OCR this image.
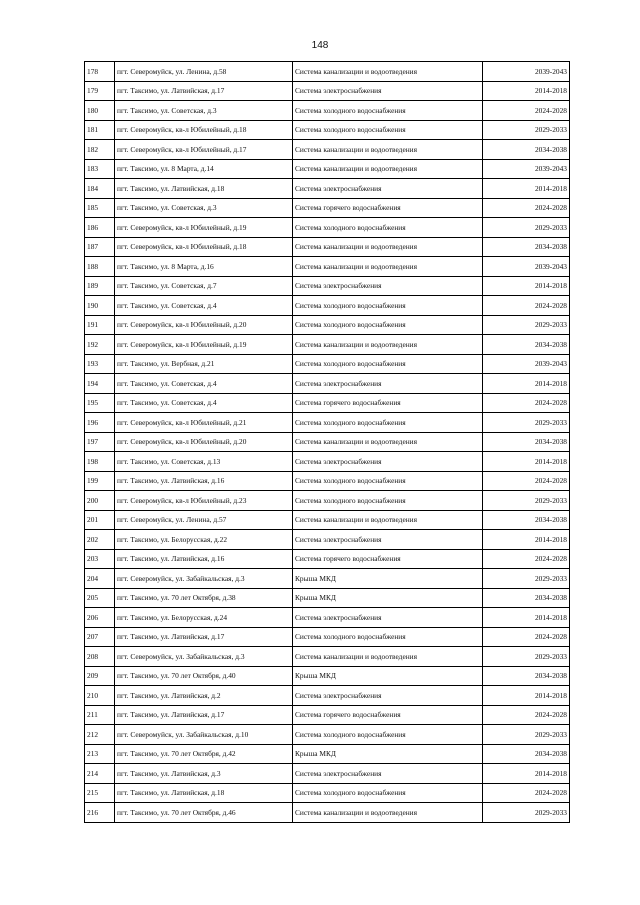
148
178	пгт. Северомуйск, ул. Ленина, д.58	Система канализации и водоотведения	2039-2043
179	пгт. Таксимо, ул. Латвийская, д.17	Система электроснабжения	2014-2018
180	пгт. Таксимо, ул. Советская, д.3	Система холодного водоснабжения	2024-2028
181	пгт. Северомуйск, кв-л Юбилейный, д.18	Система холодного водоснабжения	2029-2033
182	пгт. Северомуйск, кв-л Юбилейный, д.17	Система канализации и водоотведения	2034-2038
183	пгт. Таксимо, ул. 8 Марта, д.14	Система канализации и водоотведения	2039-2043
184	пгт. Таксимо, ул. Латвийская, д.18	Система электроснабжения	2014-2018
185	пгт. Таксимо, ул. Советская, д.3	Система горячего водоснабжения	2024-2028
186	пгт. Северомуйск, кв-л Юбилейный, д.19	Система холодного водоснабжения	2029-2033
187	пгт. Северомуйск, кв-л Юбилейный, д.18	Система канализации и водоотведения	2034-2038
188	пгт. Таксимо, ул. 8 Марта, д.16	Система канализации и водоотведения	2039-2043
189	пгт. Таксимо, ул. Советская, д.7	Система электроснабжения	2014-2018
190	пгт. Таксимо, ул. Советская, д.4	Система холодного водоснабжения	2024-2028
191	пгт. Северомуйск, кв-л Юбилейный, д.20	Система холодного водоснабжения	2029-2033
192	пгт. Северомуйск, кв-л Юбилейный, д.19	Система канализации и водоотведения	2034-2038
193	пгт. Таксимо, ул. Вербная, д.21	Система холодного водоснабжения	2039-2043
194	пгт. Таксимо, ул. Советская, д.4	Система электроснабжения	2014-2018
195	пгт. Таксимо, ул. Советская, д.4	Система горячего водоснабжения	2024-2028
196	пгт. Северомуйск, кв-л Юбилейный, д.21	Система холодного водоснабжения	2029-2033
197	пгт. Северомуйск, кв-л Юбилейный, д.20	Система канализации и водоотведения	2034-2038
198	пгт. Таксимо, ул. Советская, д.13	Система электроснабжения	2014-2018
199	пгт. Таксимо, ул. Латвийская, д.16	Система холодного водоснабжения	2024-2028
200	пгт. Северомуйск, кв-л Юбилейный, д.23	Система холодного водоснабжения	2029-2033
201	пгт. Северомуйск, ул. Ленина, д.57	Система канализации и водоотведения	2034-2038
202	пгт. Таксимо, ул. Белорусская, д.22	Система электроснабжения	2014-2018
203	пгт. Таксимо, ул. Латвийская, д.16	Система горячего водоснабжения	2024-2028
204	пгт. Северомуйск, ул. Забайкальская, д.3	Крыша МКД	2029-2033
205	пгт. Таксимо, ул. 70 лет Октября, д.38	Крыша МКД	2034-2038
206	пгт. Таксимо, ул. Белорусская, д.24	Система электроснабжения	2014-2018
207	пгт. Таксимо, ул. Латвийская, д.17	Система холодного водоснабжения	2024-2028
208	пгт. Северомуйск, ул. Забайкальская, д.3	Система канализации и водоотведения	2029-2033
209	пгт. Таксимо, ул. 70 лет Октября, д.40	Крыша МКД	2034-2038
210	пгт. Таксимо, ул. Латвийская, д.2	Система электроснабжения	2014-2018
211	пгт. Таксимо, ул. Латвийская, д.17	Система горячего водоснабжения	2024-2028
212	пгт. Северомуйск, ул. Забайкальская, д.10	Система холодного водоснабжения	2029-2033
213	пгт. Таксимо, ул. 70 лет Октября, д.42	Крыша МКД	2034-2038
214	пгт. Таксимо, ул. Латвийская, д.3	Система электроснабжения	2014-2018
215	пгт. Таксимо, ул. Латвийская, д.18	Система холодного водоснабжения	2024-2028
216	пгт. Таксимо, ул. 70 лет Октября, д.46	Система канализации и водоотведения	2029-2033
